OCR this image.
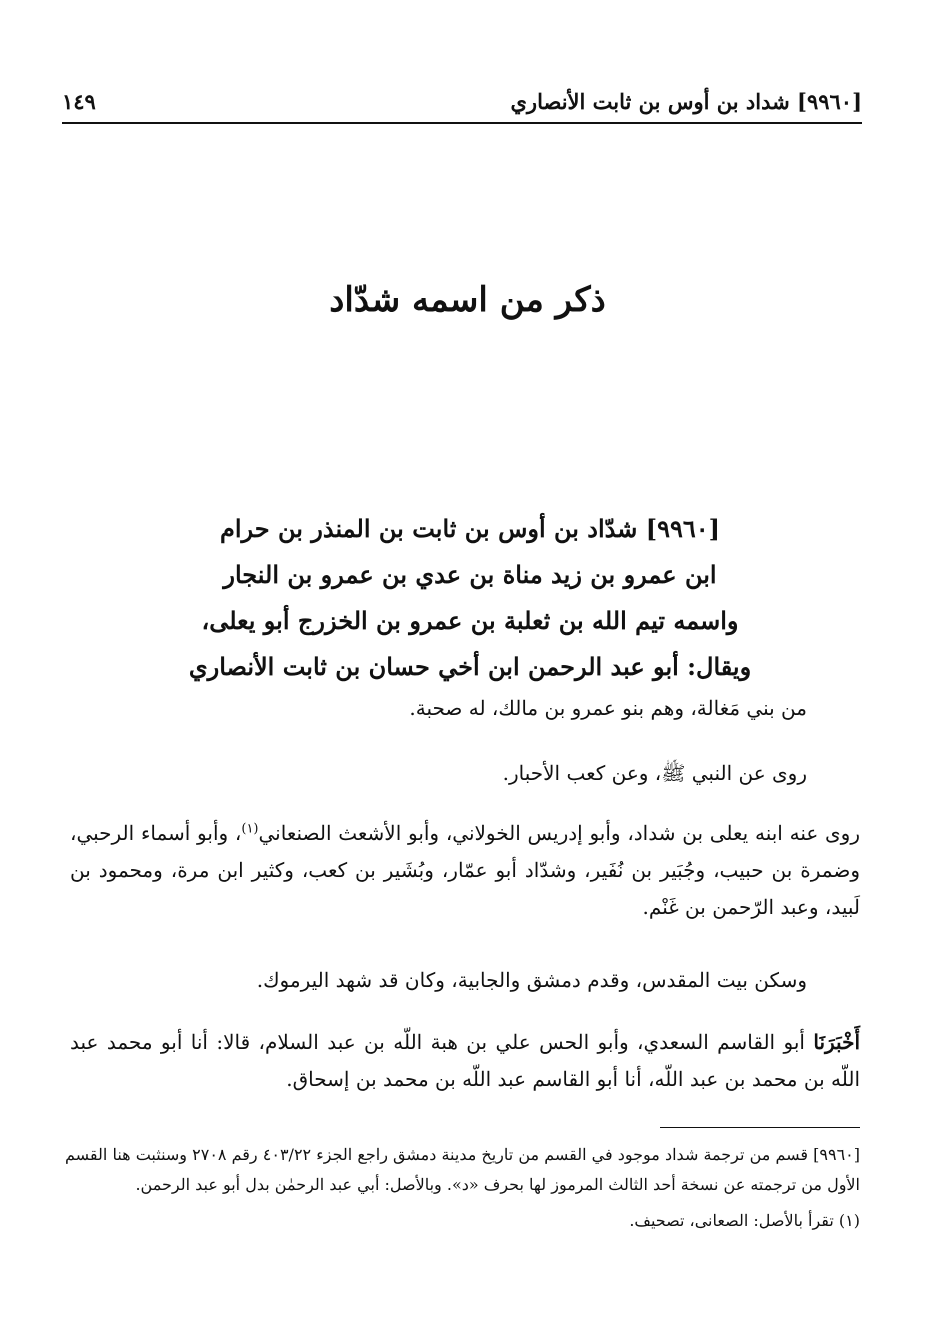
[٩٩٦٠] شداد بن أوس بن ثابت الأنصاري
١٤٩
ذكر من اسمه شدّاد
[٩٩٦٠] شدّاد بن أوس بن ثابت بن المنذر بن حرام
ابن عمرو بن زيد مناة بن عدي بن عمرو بن النجار
واسمه تيم الله بن ثعلبة بن عمرو بن الخزرج أبو يعلى،
ويقال: أبو عبد الرحمن ابن أخي حسان بن ثابت الأنصاري
من بني مَغالة، وهم بنو عمرو بن مالك، له صحبة.
روى عن النبي ﷺ، وعن كعب الأحبار.
روى عنه ابنه يعلى بن شداد، وأبو إدريس الخولاني، وأبو الأشعث الصنعاني$^{(١)}$، وأبو أسماء الرحبي، وضمرة بن حبيب، وجُبَير بن نُفَير، وشدّاد أبو عمّار، وبُشَير بن كعب، وكثير ابن مرة، ومحمود بن لَبيد، وعبد الرّحمن بن غَنْم.
وسكن بيت المقدس، وقدم دمشق والجابية، وكان قد شهد اليرموك.
أَخْبَرَنَا أبو القاسم السعدي، وأبو الحس علي بن هبة اللّه بن عبد السلام، قالا: أنا أبو محمد عبد اللّه بن محمد بن عبد اللّه، أنا أبو القاسم عبد اللّه بن محمد بن إسحاق.
[٩٩٦٠] قسم من ترجمة شداد موجود في القسم من تاريخ مدينة دمشق راجع الجزء ٤٠٣/٢٢ رقم ٢٧٠٨ وسنثبت هنا القسم الأول من ترجمته عن نسخة أحد الثالث المرموز لها بحرف «د». وبالأصل: أبي عبد الرحمٰن بدل أبو عبد الرحمن.
(١) تقرأ بالأصل: الصعانى، تصحيف.
